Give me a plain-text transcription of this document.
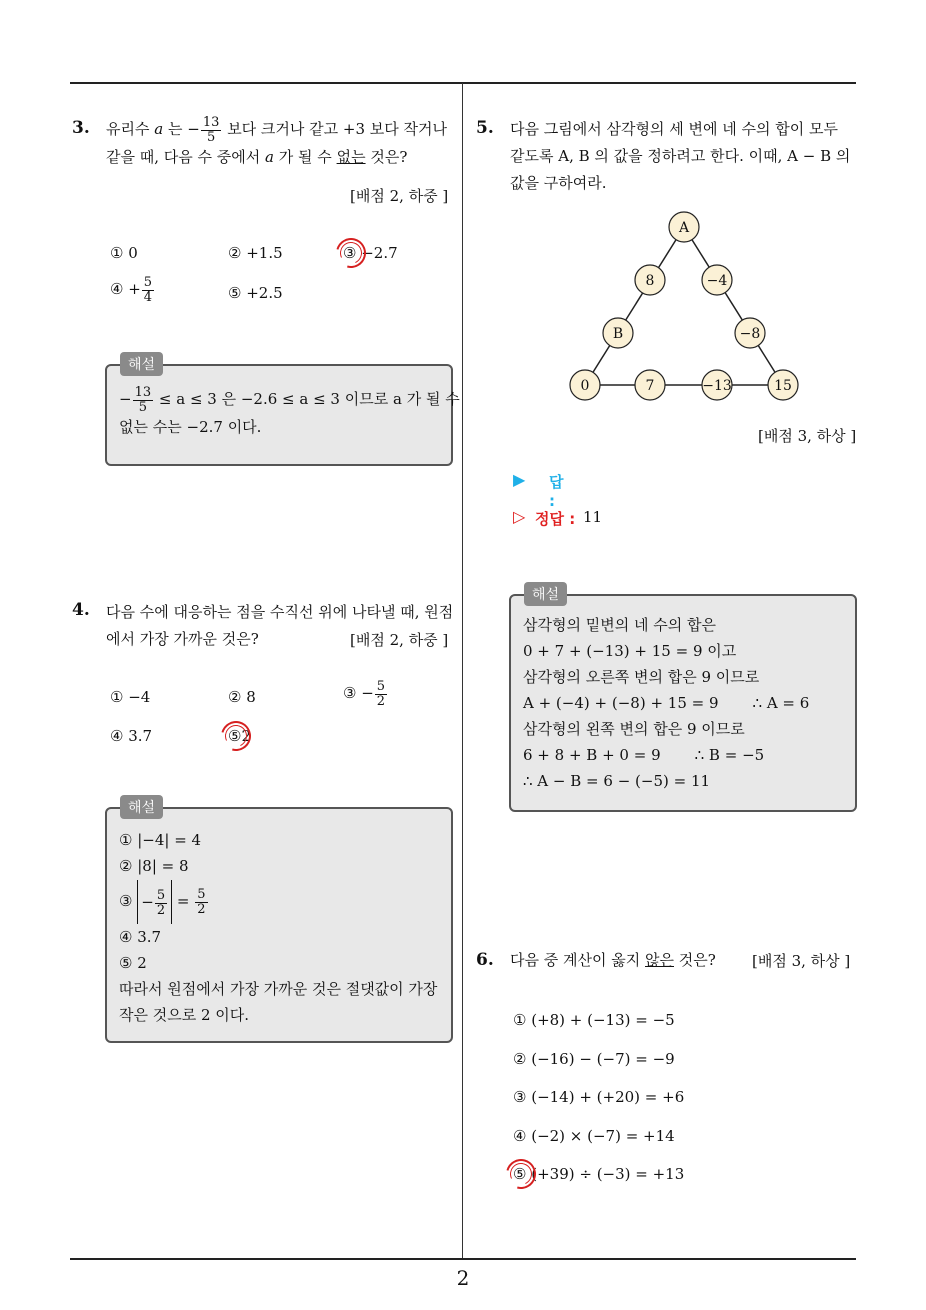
3. 유리수 a 는 − $\frac{13}{5}$ 보다 크거나 같고 +3 보다 작거나
같을 때, 다음 수 중에서 a 가 될 수 없는 것은?
[배점 2, 하중 ]
① 0	② +1.5	③ −2.7
④ + $\frac{5}{4}$	⑤ +2.5
− $\frac{13}{5} \le a \le 3$ 은 −2.6 ≤ a ≤ 3 이므로 a 가 될 수
없는 수는 −2.7 이다.
해설
4. 다음 수에 대응하는 점을 수직선 위에 나타낼 때, 원점
에서 가장 가까운 것은?	[배점 2, 하중 ]
① −4	② 8	③ − $\frac{5}{2}$
④ 3.7	⑤2
① |−4| = 4
② |8| = 8
③ − $\frac{5}{2} = \frac{5}{2}$
④ 3.7
⑤ 2
따라서 원점에서 가장 가까운 것은 절댓값이 가장
작은 것으로 2 이다.
해설
5. 다음 그림에서 삼각형의 세 변에 네 수의 합이 모두
같도록 A, B 의 값을 정하려고 한다. 이때, A − B 의
값을 구하여라.
A
8	−4
B	−8
0	7	−13	15
[배점 3, 하상 ]
▶ 답 :
▷ 정답 : 11
삼각형의 밑변의 네 수의 합은
0 + 7 + (−13) + 15 = 9 이고
삼각형의 오른쪽 변의 합은 9 이므로
A + (−4) + (−8) + 15 = 9 ∴ A = 6
삼각형의 왼쪽 변의 합은 9 이므로
6 + 8 + B + 0 = 9 ∴ B = −5
∴ A − B = 6 − (−5) = 11
해설
6. 다음 중 계산이 옳지 않은 것은? [배점 3, 하상 ]
① (+8) + (−13) = −5
② (−16) − (−7) = −9
③ (−14) + (+20) = +6
④ (−2) × (−7) = +14
⑤ (+39) ÷ (−3) = +13
2
